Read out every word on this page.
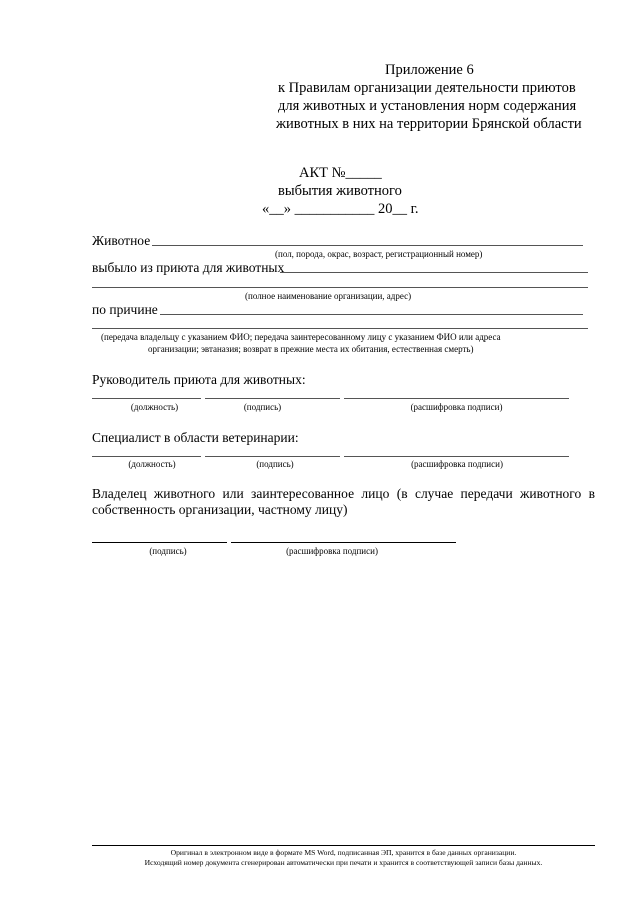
Приложение 6
к Правилам организации деятельности приютов
для животных и установления норм содержания
животных в них на территории Брянской области
АКТ №_____
выбытия животного
«__» ___________ 20__ г.
Животное
(пол, порода, окрас, возраст, регистрационный номер)
выбыло из приюта для животных
(полное наименование организации, адрес)
по причине
(передача владельцу с указанием ФИО; передача заинтересованному лицу с указанием ФИО или адреса
организации; эвтаназия; возврат в прежние места их обитания, естественная смерть)
Руководитель приюта для животных:
(должность)	(подпись)	(расшифровка подписи)
Специалист в области ветеринарии:
(должность)	(подпись)	(расшифровка подписи)
Владелец животного или заинтересованное лицо (в случае передачи животного в собственность организации, частному лицу)
(подпись)	(расшифровка подписи)
Оригинал в электронном виде в формате MS Word, подписанная ЭП, хранится в базе данных организации.
Исходящий номер документа сгенерирован автоматически при печати и хранится в соответствующей записи базы данных.
